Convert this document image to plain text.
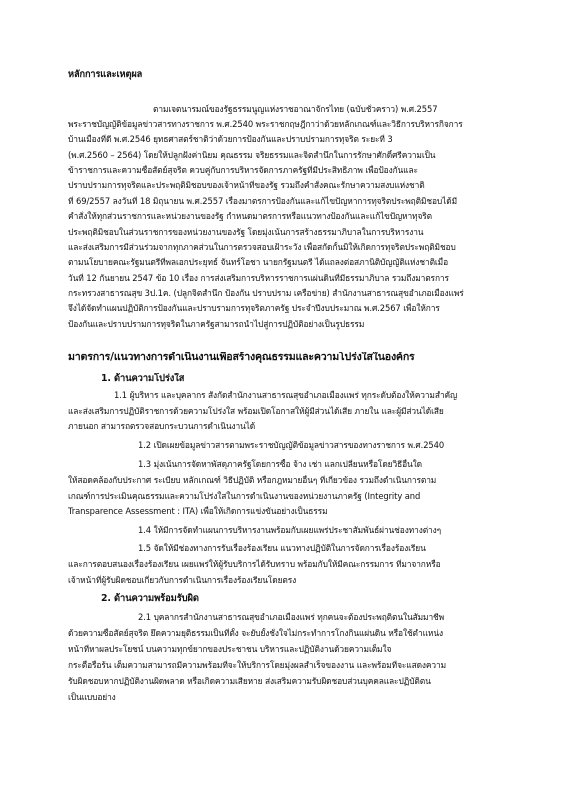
หลักการและเหตุผล
ตามเจตนารมณ์ของรัฐธรรมนูญแห่งราชอาณาจักรไทย (ฉบับชั่วคราว) พ.ศ.2557
พระราชบัญญัติข้อมูลข่าวสารทางราชการ พ.ศ.2540 พระราชกฤษฎีกาว่าด้วยหลักเกณฑ์และวิธีการบริหารกิจการ
บ้านเมืองที่ดี พ.ศ.2546 ยุทธศาสตร์ชาติว่าด้วยการป้องกันและปราบปรามการทุจริต ระยะที่ 3
(พ.ศ.2560 – 2564) โดยให้ปลูกฝังค่านิยม คุณธรรม จริยธรรมและจิตสำนึกในการรักษาศักดิ์ศรีความเป็น
ข้าราชการและความซื่อสัตย์สุจริต ควบคู่กับการบริหารจัดการภาครัฐที่มีประสิทธิภาพ เพื่อป้องกันและ
ปราบปรามการทุจริตและประพฤติมิชอบของเจ้าหน้าที่ของรัฐ รวมถึงคำสั่งคณะรักษาความสงบแห่งชาติ
ที่ 69/2557 ลงวันที่ 18 มิถุนายน พ.ศ.2557 เรื่องมาตรการป้องกันและแก้ไขปัญหาการทุจริตประพฤติมิชอบได้มี
คำสั่งให้ทุกส่วนราชการและหน่วยงานของรัฐ กำหนดมาตรการหรือแนวทางป้องกันและแก้ไขปัญหาทุจริต
ประพฤติมิชอบในส่วนราชการของหน่วยงานของรัฐ โดยมุ่งเน้นการสร้างธรรมาภิบาลในการบริหารงาน
และส่งเสริมการมีส่วนร่วมจากทุกภาคส่วนในการตรวจสอบเฝ้าระวัง เพื่อสกัดกั้นมิให้เกิดการทุจริตประพฤติมิชอบ
ตามนโยบายคณะรัฐมนตรีที่พลเอกประยุทธ์ จันทร์โอชา นายกรัฐมนตรี ได้แถลงต่อสภานิติบัญญัติแห่งชาติเมื่อ
วันที่ 12 กันยายน 2547 ข้อ 10 เรื่อง การส่งเสริมการบริหารราชการแผ่นดินที่มีธรรมาภิบาล รวมถึงมาตรการ
กระทรวงสาธารณสุข 3ป.1ค. (ปลูกจิตสำนึก ป้องกัน ปราบปราม เครือข่าย) สำนักงานสาธารณสุขอำเภอเมืองแพร่
จึงได้จัดทำแผนปฏิบัติการป้องกันและปราบรามการทุจริตภาครัฐ ประจำปีงบประมาณ พ.ศ.2567 เพื่อให้การ
ป้องกันและปราบปรามการทุจริตในภาครัฐสามารถนำไปสู่การปฏิบัติอย่างเป็นรูปธรรม
มาตรการ/แนวทางการดำเนินงานเพื่อสร้างคุณธรรมและความโปร่งใสในองค์กร
1. ด้านความโปร่งใส
1.1 ผู้บริหาร และบุคลากร สังกัดสำนักงานสาธารณสุขอำเภอเมืองแพร่ ทุกระดับต้องให้ความสำคัญ
และส่งเสริมการปฏิบัติราชการด้วยความโปร่งใส พร้อมเปิดโอกาสให้ผู้มีส่วนได้เสีย ภายใน และผู้มีส่วนได้เสีย
ภายนอก สามารถตรวจสอบกระบวนการดำเนินงานได้
1.2 เปิดเผยข้อมูลข่าวสารตามพระราชบัญญัติข้อมูลข่าวสารของทางราชการ พ.ศ.2540
1.3 มุ่งเน้นการจัดหาพัสดุภาครัฐโดยการซื้อ จ้าง เช่า แลกเปลี่ยนหรือโดยวิธีอื่นใด
ให้สอดคล้องกับประกาศ ระเบียบ หลักเกณฑ์ วิธีปฏิบัติ หรือกฎหมายอื่นๆ ที่เกี่ยวข้อง รวมถึงดำเนินการตาม
เกณฑ์การประเมินคุณธรรมและความโปร่งใสในการดำเนินงานของหน่วยงานภาครัฐ (Integrity and
Transparence Assessment : ITA) เพื่อให้เกิดการแข่งขันอย่างเป็นธรรม
1.4 ให้มีการจัดทำแผนการบริหารงานพร้อมกับเผยแพร่ประชาสัมพันธ์ผ่านช่องทางต่างๆ
1.5 จัดให้มีช่องทางการรับเรื่องร้องเรียน แนวทางปฏิบัติในการจัดการเรื่องร้องเรียน
และการตอบสนองเรื่องร้องเรียน เผยแพร่ให้ผู้รับบริการได้รับทราบ พร้อมกับให้มีคณะกรรมการ ที่มาจากหรือ
เจ้าหน้าที่ผู้รับผิดชอบเกี่ยวกับการดำเนินการเรื่องร้องเรียนโดยตรง
2. ด้านความพร้อมรับผิด
2.1 บุคลากรสำนักงานสาธารณสุขอำเภอเมืองแพร่ ทุกคนจะต้องประพฤติตนในสัมมาชีพ
ด้วยความซื่อสัตย์สุจริต ยึดความยุติธรรมเป็นที่ตั้ง จะยับยั้งชั่งใจไม่กระทำการโกงกินแผ่นดิน หรือใช้ตำแหน่ง
หน้าที่หาผลประโยชน์ บนความทุกข์ยากของประชาชน บริหารและปฏิบัติงานด้วยความเต็มใจ
กระตือรือร้น เต็มความสามารถมีความพร้อมที่จะให้บริการโดยมุ่งผลสำเร็จของงาน และพร้อมที่จะแสดงความ
รับผิดชอบหากปฏิบัติงานผิดพลาด หรือเกิดความเสียหาย ส่งเสริมความรับผิดชอบส่วนบุคคลและปฏิบัติตน
เป็นแบบอย่าง
